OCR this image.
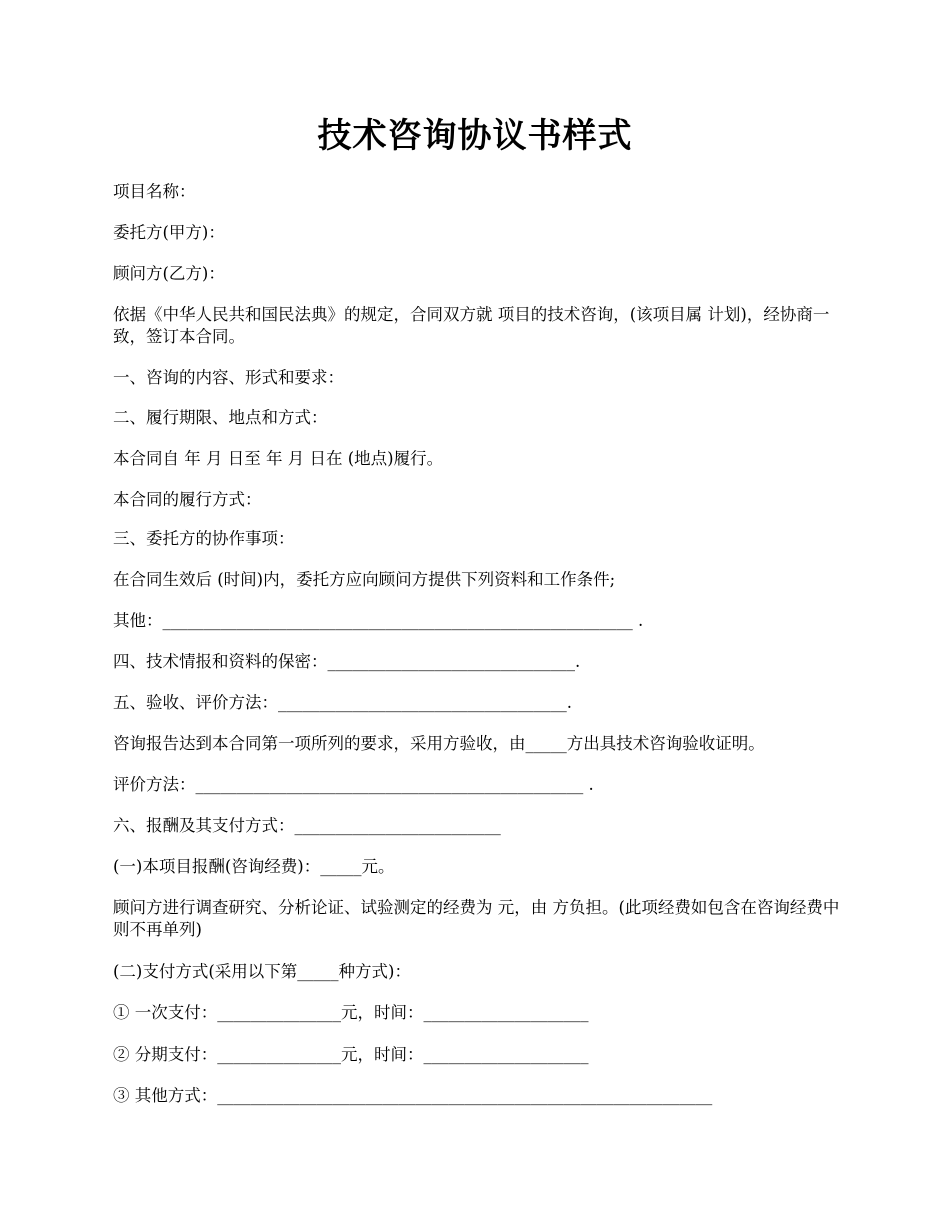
技术咨询协议书样式

项目名称：

委托方(甲方)：

顾问方(乙方)：

依据《中华人民共和国民法典》的规定，合同双方就 项目的技术咨询，(该项目属 计划)，经协商一致，签订本合同。

一、咨询的内容、形式和要求：

二、履行期限、地点和方式：

本合同自 年 月 日至 年 月 日在 (地点)履行。

本合同的履行方式：

三、委托方的协作事项：

在合同生效后 (时间)内，委托方应向顾问方提供下列资料和工作条件;

其他：_________________________________________________________ .

四、技术情报和资料的保密：______________________________.

五、验收、评价方法：___________________________________.

咨询报告达到本合同第一项所列的要求，采用方验收，由_____方出具技术咨询验收证明。

评价方法：_______________________________________________ .

六、报酬及其支付方式：_________________________

(一)本项目报酬(咨询经费)：_____元。

顾问方进行调查研究、分析论证、试验测定的经费为 元，由 方负担。(此项经费如包含在咨询经费中则不再单列)

(二)支付方式(采用以下第_____种方式)：

① 一次支付：_______________元，时间：____________________

② 分期支付：_______________元，时间：____________________

③ 其他方式：____________________________________________________________
